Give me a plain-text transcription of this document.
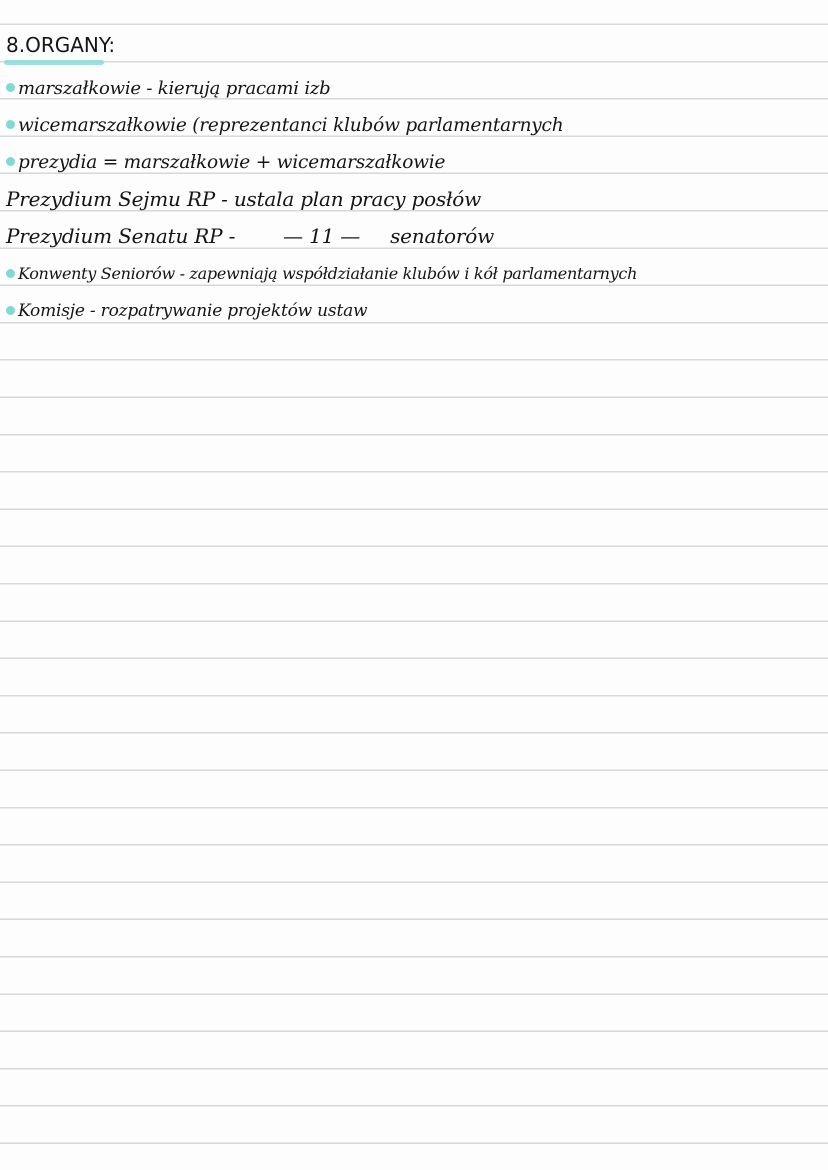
8.ORGANY:
marszałkowie - kierują pracami izb
wicemarszałkowie (reprezentanci klubów parlamentarnych
prezydia = marszałkowie + wicemarszałkowie
Prezydium Sejmu RP - ustala plan pracy posłów
Prezydium Senatu RP - — 11 — senatorów
Konwenty Seniorów - zapewniają współdziałanie klubów i kół parlamentarnych
Komisje - rozpatrywanie projektów ustaw
